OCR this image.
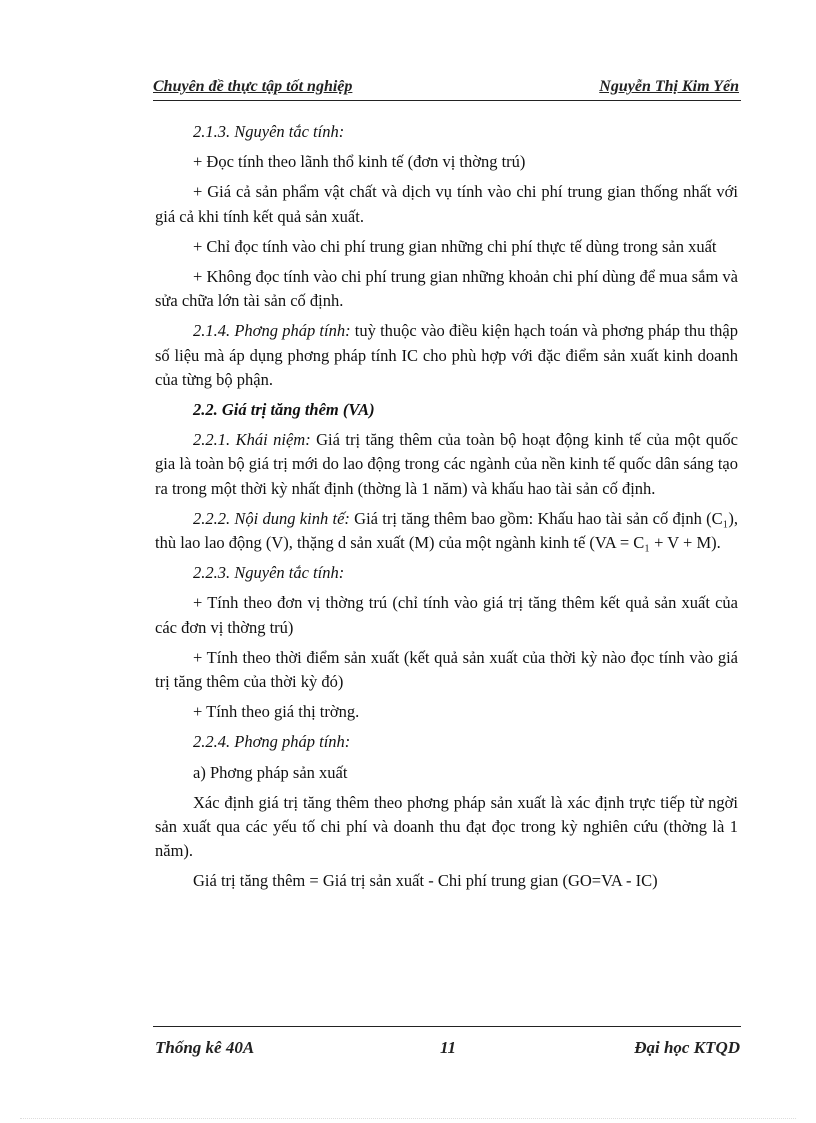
Chuyên đề thực tập tốt nghiệp	Nguyễn Thị Kim Yến

2.1.3. Nguyên tắc tính:

+ Đọc tính theo lãnh thổ kinh tế (đơn vị thờng trú)

+ Giá cả sản phẩm vật chất và dịch vụ tính vào chi phí trung gian thống nhất với giá cả khi tính kết quả sản xuất.

+ Chỉ đọc tính vào chi phí trung gian những chi phí thực tế dùng trong sản xuất

+ Không đọc tính vào chi phí trung gian những khoản chi phí dùng để mua sắm và sửa chữa lớn tài sản cố định.

2.1.4. Phơng pháp tính: tuỳ thuộc vào điều kiện hạch toán và phơng pháp thu thập số liệu mà áp dụng phơng pháp tính IC cho phù hợp với đặc điểm sản xuất kinh doanh của từng bộ phận.

2.2. Giá trị tăng thêm (VA)

2.2.1. Khái niệm: Giá trị tăng thêm của toàn bộ hoạt động kinh tế của một quốc gia là toàn bộ giá trị mới do lao động trong các ngành của nền kinh tế quốc dân sáng tạo ra trong một thời kỳ nhất định (thờng là 1 năm) và khấu hao tài sản cố định.

2.2.2. Nội dung kinh tế: Giá trị tăng thêm bao gồm: Khấu hao tài sản cố định (C₁), thù lao lao động (V), thặng d sản xuất (M) của một ngành kinh tế (VA = C₁ + V + M).

2.2.3. Nguyên tắc tính:

+ Tính theo đơn vị thờng trú (chỉ tính vào giá trị tăng thêm kết quả sản xuất của các đơn vị thờng trú)

+ Tính theo thời điểm sản xuất (kết quả sản xuất của thời kỳ nào đọc tính vào giá trị tăng thêm của thời kỳ đó)

+ Tính theo giá thị trờng.

2.2.4. Phơng pháp tính:

a) Phơng pháp sản xuất

Xác định giá trị tăng thêm theo phơng pháp sản xuất là xác định trực tiếp từ ngời sản xuất qua các yếu tố chi phí và doanh thu đạt đọc trong kỳ nghiên cứu (thờng là 1 năm).

Giá trị tăng thêm = Giá trị sản xuất - Chi phí trung gian (GO=VA - IC)

Thống kê 40A	11	Đại học KTQD
